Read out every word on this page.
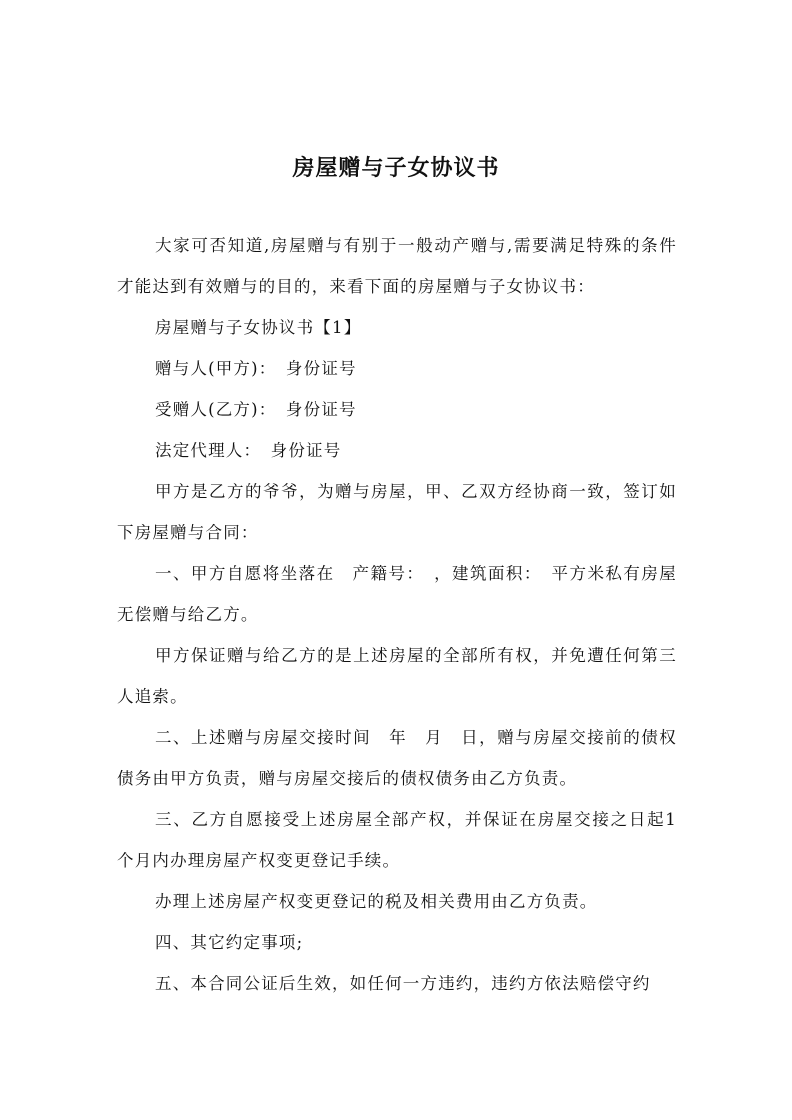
房屋赠与子女协议书

大家可否知道,房屋赠与有别于一般动产赠与,需要满足特殊的条件才能达到有效赠与的目的，来看下面的房屋赠与子女协议书：

房屋赠与子女协议书【1】

赠与人(甲方)：　身份证号

受赠人(乙方)：　身份证号

法定代理人：　身份证号

甲方是乙方的爷爷，为赠与房屋，甲、乙双方经协商一致，签订如下房屋赠与合同：

一、甲方自愿将坐落在　产籍号：　，建筑面积：　平方米私有房屋无偿赠与给乙方。

甲方保证赠与给乙方的是上述房屋的全部所有权，并免遭任何第三人追索。

二、上述赠与房屋交接时间　年　月　日，赠与房屋交接前的债权债务由甲方负责，赠与房屋交接后的债权债务由乙方负责。

三、乙方自愿接受上述房屋全部产权，并保证在房屋交接之日起1个月内办理房屋产权变更登记手续。

办理上述房屋产权变更登记的税及相关费用由乙方负责。

四、其它约定事项;

五、本合同公证后生效，如任何一方违约，违约方依法赔偿守约
